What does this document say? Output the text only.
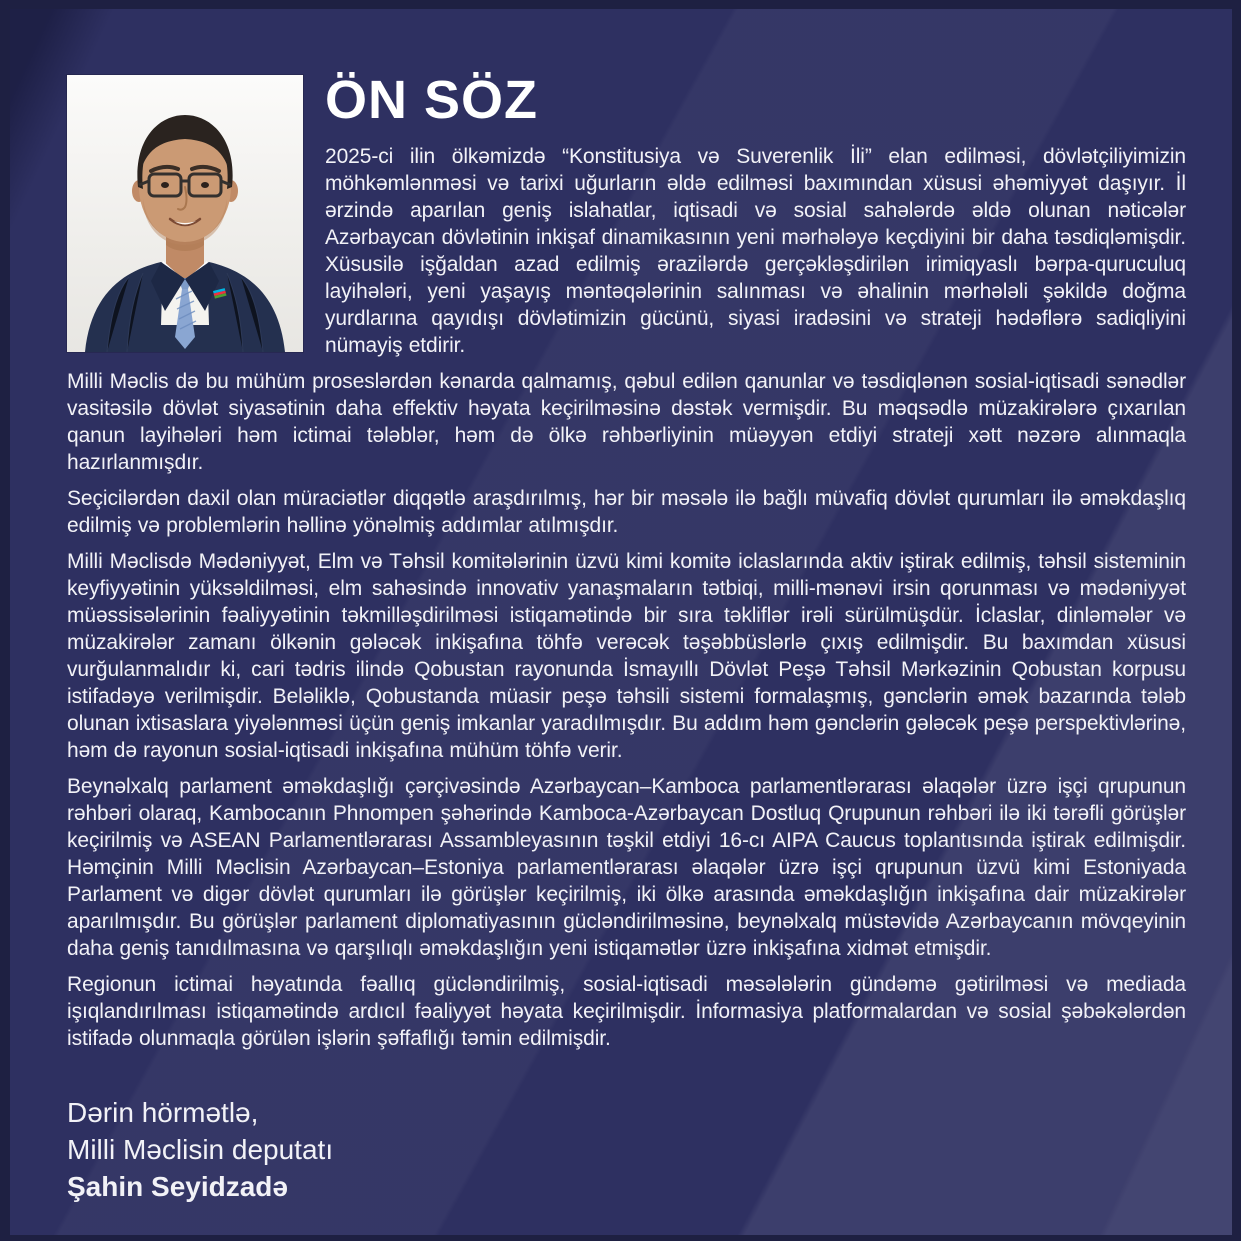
ÖN SÖZ

2025-ci ilin ölkəmizdə “Konstitusiya və Suverenlik İli” elan edilməsi, dövlətçiliyimizin möhkəmlənməsi və tarixi uğurların əldə edilməsi baxımından xüsusi əhəmiyyət daşıyır. İl ərzində aparılan geniş islahatlar, iqtisadi və sosial sahələrdə əldə olunan nəticələr Azərbaycan dövlətinin inkişaf dinamikasının yeni mərhələyə keçdiyini bir daha təsdiqləmişdir. Xüsusilə işğaldan azad edilmiş ərazilərdə gerçəkləşdirilən irimiqyaslı bərpa-quruculuq layihələri, yeni yaşayış məntəqələrinin salınması və əhalinin mərhələli şəkildə doğma yurdlarına qayıdışı dövlətimizin gücünü, siyasi iradəsini və strateji hədəflərə sadiqliyini nümayiş etdirir.

Milli Məclis də bu mühüm proseslərdən kənarda qalmamış, qəbul edilən qanunlar və təsdiqlənən sosial-iqtisadi sənədlər vasitəsilə dövlət siyasətinin daha effektiv həyata keçirilməsinə dəstək vermişdir. Bu məqsədlə müzakirələrə çıxarılan qanun layihələri həm ictimai tələblər, həm də ölkə rəhbərliyinin müəyyən etdiyi strateji xətt nəzərə alınmaqla hazırlanmışdır.

Seçicilərdən daxil olan müraciətlər diqqətlə araşdırılmış, hər bir məsələ ilə bağlı müvafiq dövlət qurumları ilə əməkdaşlıq edilmiş və problemlərin həllinə yönəlmiş addımlar atılmışdır.

Milli Məclisdə Mədəniyyət, Elm və Təhsil komitələrinin üzvü kimi komitə iclaslarında aktiv iştirak edilmiş, təhsil sisteminin keyfiyyətinin yüksəldilməsi, elm sahəsində innovativ yanaşmaların tətbiqi, milli-mənəvi irsin qorunması və mədəniyyət müəssisələrinin fəaliyyətinin təkmilləşdirilməsi istiqamətində bir sıra təkliflər irəli sürülmüşdür. İclaslar, dinləmələr və müzakirələr zamanı ölkənin gələcək inkişafına töhfə verəcək təşəbbüslərlə çıxış edilmişdir. Bu baxımdan xüsusi vurğulanmalıdır ki, cari tədris ilində Qobustan rayonunda İsmayıllı Dövlət Peşə Təhsil Mərkəzinin Qobustan korpusu istifadəyə verilmişdir. Beləliklə, Qobustanda müasir peşə təhsili sistemi formalaşmış, gənclərin əmək bazarında tələb olunan ixtisaslara yiyələnməsi üçün geniş imkanlar yaradılmışdır. Bu addım həm gənclərin gələcək peşə perspektivlərinə, həm də rayonun sosial-iqtisadi inkişafına mühüm töhfə verir.

Beynəlxalq parlament əməkdaşlığı çərçivəsində Azərbaycan–Kamboca parlamentlərarası əlaqələr üzrə işçi qrupunun rəhbəri olaraq, Kambocanın Phnompen şəhərində Kamboca-Azərbaycan Dostluq Qrupunun rəhbəri ilə iki tərəfli görüşlər keçirilmiş və ASEAN Parlamentlərarası Assambleyasının təşkil etdiyi 16-cı AIPA Caucus toplantısında iştirak edilmişdir. Həmçinin Milli Məclisin Azərbaycan–Estoniya parlamentlərarası əlaqələr üzrə işçi qrupunun üzvü kimi Estoniyada Parlament və digər dövlət qurumları ilə görüşlər keçirilmiş, iki ölkə arasında əməkdaşlığın inkişafına dair müzakirələr aparılmışdır. Bu görüşlər parlament diplomatiyasının gücləndirilməsinə, beynəlxalq müstəvidə Azərbaycanın mövqeyinin daha geniş tanıdılmasına və qarşılıqlı əməkdaşlığın yeni istiqamətlər üzrə inkişafına xidmət etmişdir.

Regionun ictimai həyatında fəallıq gücləndirilmiş, sosial-iqtisadi məsələlərin gündəmə gətirilməsi və mediada işıqlandırılması istiqamətində ardıcıl fəaliyyət həyata keçirilmişdir. İnformasiya platformalardan və sosial şəbəkələrdən istifadə olunmaqla görülən işlərin şəffaflığı təmin edilmişdir.

Dərin hörmətlə,
Milli Məclisin deputatı
Şahin Seyidzadə
